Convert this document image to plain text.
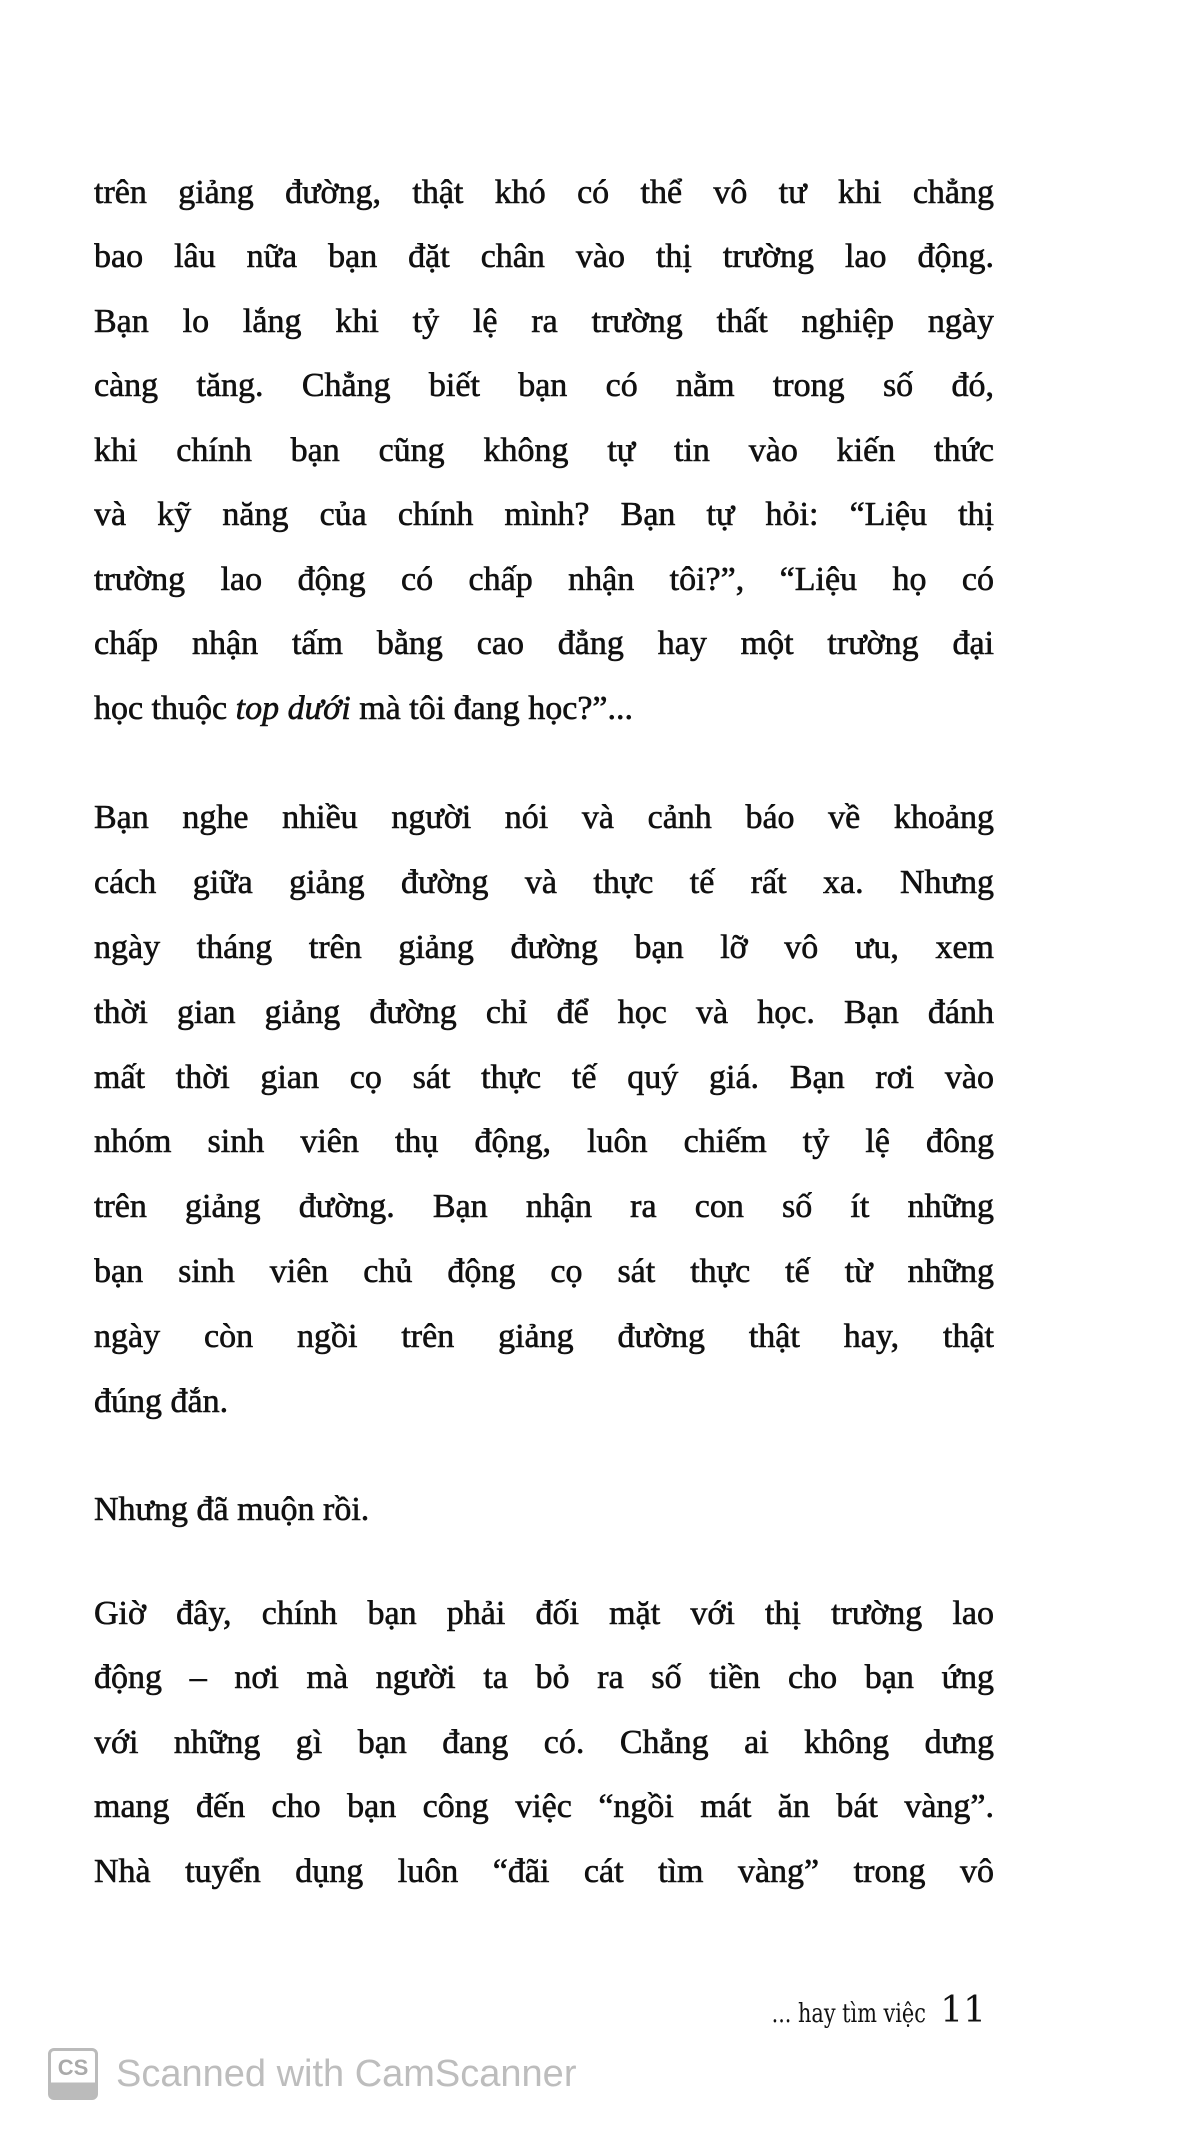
trên giảng đường, thật khó có thể vô tư khi chẳng
bao lâu nữa bạn đặt chân vào thị trường lao động.
Bạn lo lắng khi tỷ lệ ra trường thất nghiệp ngày
càng tăng. Chẳng biết bạn có nằm trong số đó,
khi chính bạn cũng không tự tin vào kiến thức
và kỹ năng của chính mình? Bạn tự hỏi: “Liệu thị
trường lao động có chấp nhận tôi?”, “Liệu họ có
chấp nhận tấm bằng cao đẳng hay một trường đại
học thuộc top dưới mà tôi đang học?”...
Bạn nghe nhiều người nói và cảnh báo về khoảng
cách giữa giảng đường và thực tế rất xa. Nhưng
ngày tháng trên giảng đường bạn lỡ vô ưu, xem
thời gian giảng đường chỉ để học và học. Bạn đánh
mất thời gian cọ sát thực tế quý giá. Bạn rơi vào
nhóm sinh viên thụ động, luôn chiếm tỷ lệ đông
trên giảng đường. Bạn nhận ra con số ít những
bạn sinh viên chủ động cọ sát thực tế từ những
ngày còn ngồi trên giảng đường thật hay, thật
đúng đắn.
Nhưng đã muộn rồi.
Giờ đây, chính bạn phải đối mặt với thị trường lao
động – nơi mà người ta bỏ ra số tiền cho bạn ứng
với những gì bạn đang có. Chẳng ai không dưng
mang đến cho bạn công việc “ngồi mát ăn bát vàng”.
Nhà tuyển dụng luôn “đãi cát tìm vàng” trong vô
... hay tìm việc 11
CS Scanned with CamScanner
